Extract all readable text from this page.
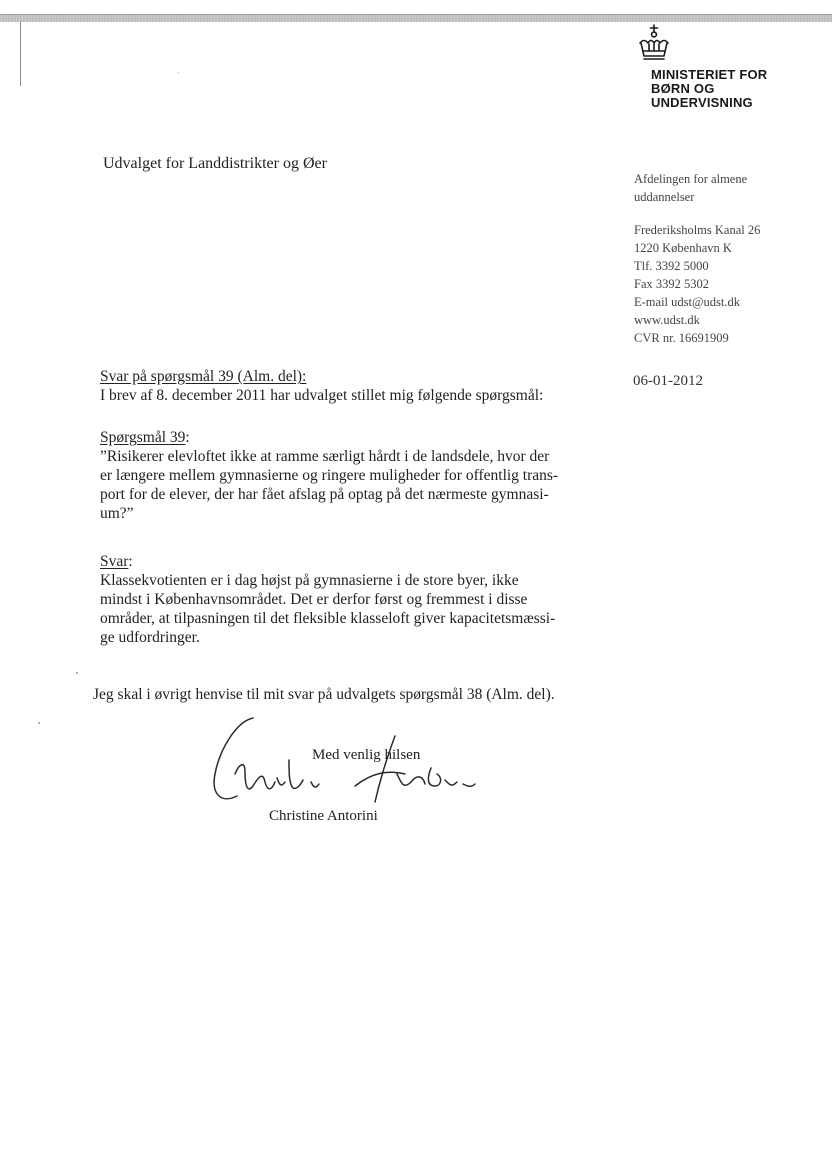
MINISTERIET FOR
BØRN OG
UNDERVISNING
Udvalget for Landdistrikter og Øer
Afdelingen for almene
uddannelser
Frederiksholms Kanal 26
1220 København K
Tlf. 3392 5000
Fax 3392 5302
E-mail udst@udst.dk
www.udst.dk
CVR nr. 16691909
06-01-2012
Svar på spørgsmål 39 (Alm. del):
I brev af 8. december 2011 har udvalget stillet mig følgende spørgsmål:
Spørgsmål 39:
”Risikerer elevloftet ikke at ramme særligt hårdt i de landsdele, hvor der
er længere mellem gymnasierne og ringere muligheder for offentlig trans-
port for de elever, der har fået afslag på optag på det nærmeste gymnasi-
um?”
Svar:
Klassekvotienten er i dag højst på gymnasierne i de store byer, ikke
mindst i Københavnsområdet. Det er derfor først og fremmest i disse
områder, at tilpasningen til det fleksible klasseloft giver kapacitetsmæssi-
ge udfordringer.
Jeg skal i øvrigt henvise til mit svar på udvalgets spørgsmål 38 (Alm. del).
Med venlig hilsen
Christine Antorini
